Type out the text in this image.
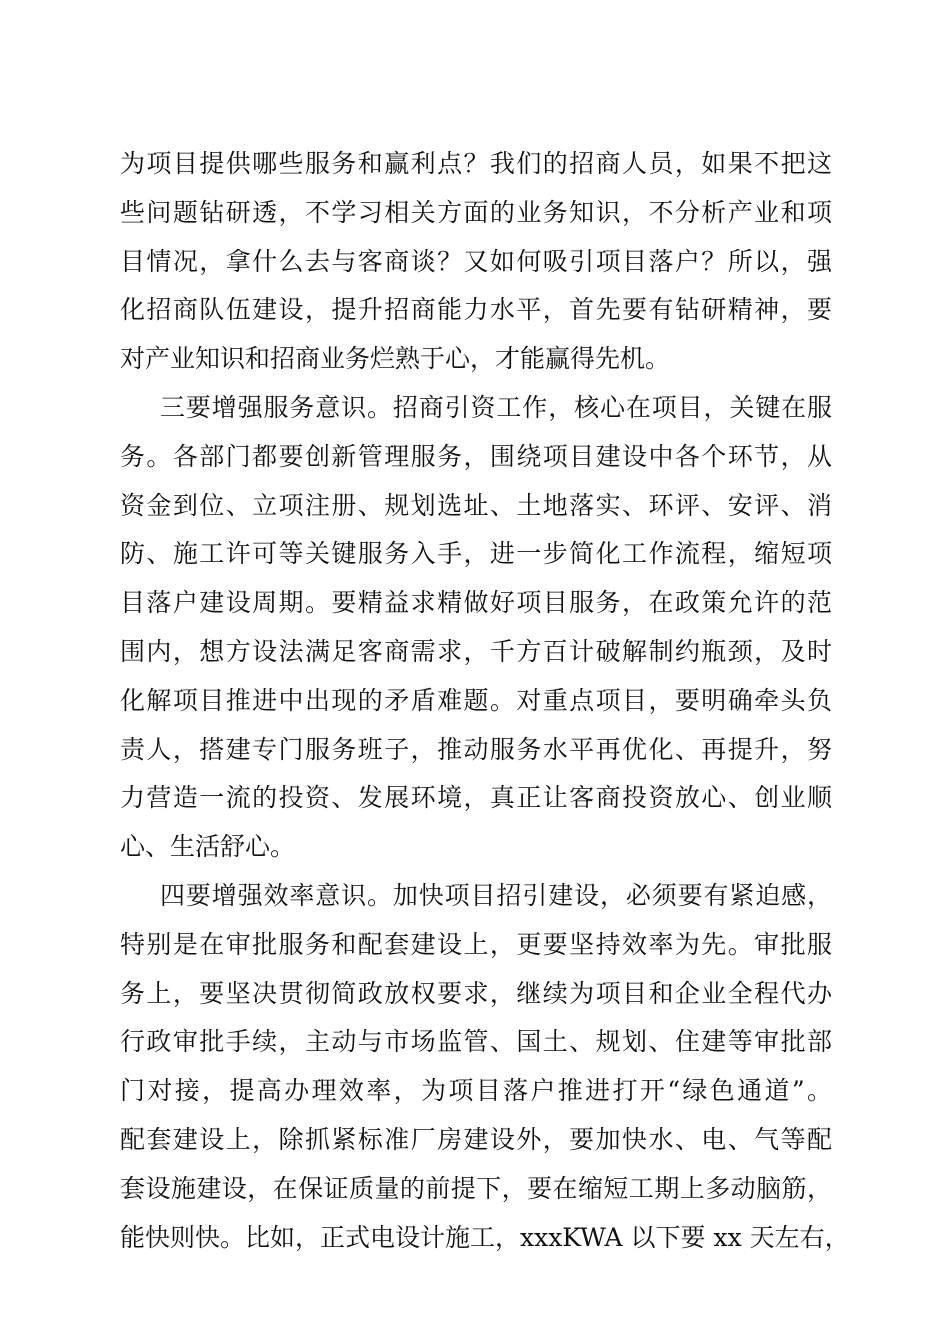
为项目提供哪些服务和赢利点？我们的招商人员，如果不把这
些问题钻研透，不学习相关方面的业务知识，不分析产业和项
目情况，拿什么去与客商谈？又如何吸引项目落户？所以，强
化招商队伍建设，提升招商能力水平，首先要有钻研精神，要
对产业知识和招商业务烂熟于心，才能赢得先机。
三要增强服务意识。招商引资工作，核心在项目，关键在服
务。各部门都要创新管理服务，围绕项目建设中各个环节，从
资金到位、立项注册、规划选址、土地落实、环评、安评、消
防、施工许可等关键服务入手，进一步简化工作流程，缩短项
目落户建设周期。要精益求精做好项目服务，在政策允许的范
围内，想方设法满足客商需求，千方百计破解制约瓶颈，及时
化解项目推进中出现的矛盾难题。对重点项目，要明确牵头负
责人，搭建专门服务班子，推动服务水平再优化、再提升，努
力营造一流的投资、发展环境，真正让客商投资放心、创业顺
心、生活舒心。
四要增强效率意识。加快项目招引建设，必须要有紧迫感，
特别是在审批服务和配套建设上，更要坚持效率为先。审批服
务上，要坚决贯彻简政放权要求，继续为项目和企业全程代办
行政审批手续，主动与市场监管、国土、规划、住建等审批部
门对接，提高办理效率，为项目落户推进打开“绿色通道”。
配套建设上，除抓紧标准厂房建设外，要加快水、电、气等配
套设施建设，在保证质量的前提下，要在缩短工期上多动脑筋，
能快则快。比如，正式电设计施工，xxxKWA 以下要 xx 天左右，
